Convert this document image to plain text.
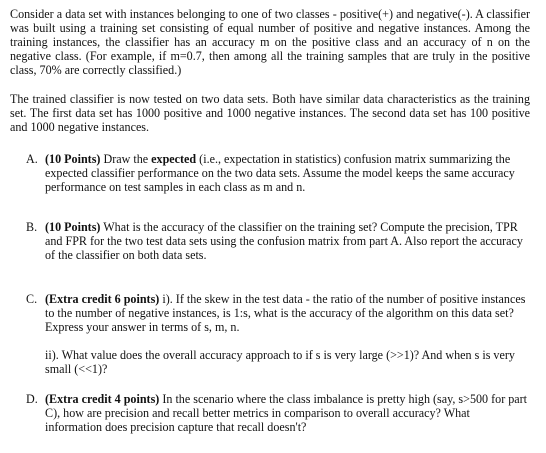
Consider a data set with instances belonging to one of two classes - positive(+) and negative(-). A classifier was built using a training set consisting of equal number of positive and negative instances. Among the training instances, the classifier has an accuracy m on the positive class and an accuracy of n on the negative class. (For example, if m=0.7, then among all the training samples that are truly in the positive class, 70% are correctly classified.)

The trained classifier is now tested on two data sets. Both have similar data characteristics as the training set. The first data set has 1000 positive and 1000 negative instances. The second data set has 100 positive and 1000 negative instances.

A. (10 Points) Draw the expected (i.e., expectation in statistics) confusion matrix summarizing the expected classifier performance on the two data sets. Assume the model keeps the same accuracy performance on test samples in each class as m and n.
B. (10 Points) What is the accuracy of the classifier on the training set? Compute the precision, TPR and FPR for the two test data sets using the confusion matrix from part A. Also report the accuracy of the classifier on both data sets.
C. (Extra credit 6 points) i). If the skew in the test data - the ratio of the number of positive instances to the number of negative instances, is 1:s, what is the accuracy of the algorithm on this data set? Express your answer in terms of s, m, n.

ii). What value does the overall accuracy approach to if s is very large (>>1)? And when s is very small (<<1)?

D. (Extra credit 4 points) In the scenario where the class imbalance is pretty high (say, s>500 for part C), how are precision and recall better metrics in comparison to overall accuracy? What information does precision capture that recall doesn't?
